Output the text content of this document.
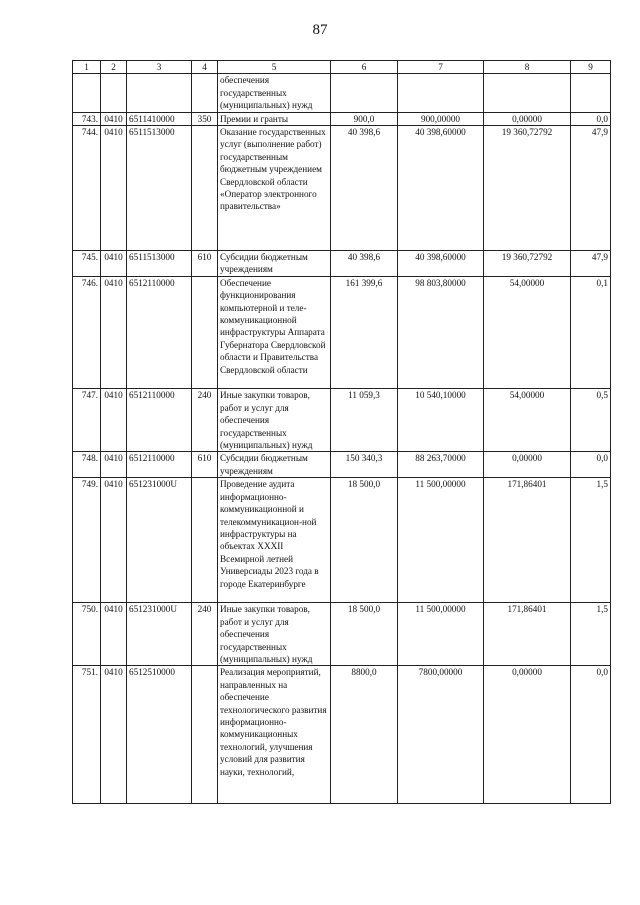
87
1	2	3	4	5	6	7	8	9
				обеспечения государственных (муниципальных) нужд				
743.	0410	6511410000	350	Премии и гранты	900,0	900,00000	0,00000	0,0
744.	0410	6511513000		Оказание государственных услуг (выполнение работ) государственным бюджетным учреждением Свердловской области «Оператор электронного правительства»	40 398,6	40 398,60000	19 360,72792	47,9
745.	0410	6511513000	610	Субсидии бюджетным учреждениям	40 398,6	40 398,60000	19 360,72792	47,9
746.	0410	6512110000		Обеспечение функционирования компьютерной и теле-коммуникационной инфраструктуры Аппарата Губернатора Свердловской области и Правительства Свердловской области	161 399,6	98 803,80000	54,00000	0,1
747.	0410	6512110000	240	Иные закупки товаров, работ и услуг для обеспечения государственных (муниципальных) нужд	11 059,3	10 540,10000	54,00000	0,5
748.	0410	6512110000	610	Субсидии бюджетным учреждениям	150 340,3	88 263,70000	0,00000	0,0
749.	0410	651231000U		Проведение аудита информационно-коммуникационной и телекоммуникацион-ной инфраструктуры на объектах XXXII Всемирной летней Универсиады 2023 года в городе Екатеринбурге	18 500,0	11 500,00000	171,86401	1,5
750.	0410	651231000U	240	Иные закупки товаров, работ и услуг для обеспечения государственных (муниципальных) нужд	18 500,0	11 500,00000	171,86401	1,5
751.	0410	6512510000		Реализация мероприятий, направленных на обеспечение технологического развития информационно-коммуникационных технологий, улучшения условий для развития науки, технологий,	8800,0	7800,00000	0,00000	0,0
